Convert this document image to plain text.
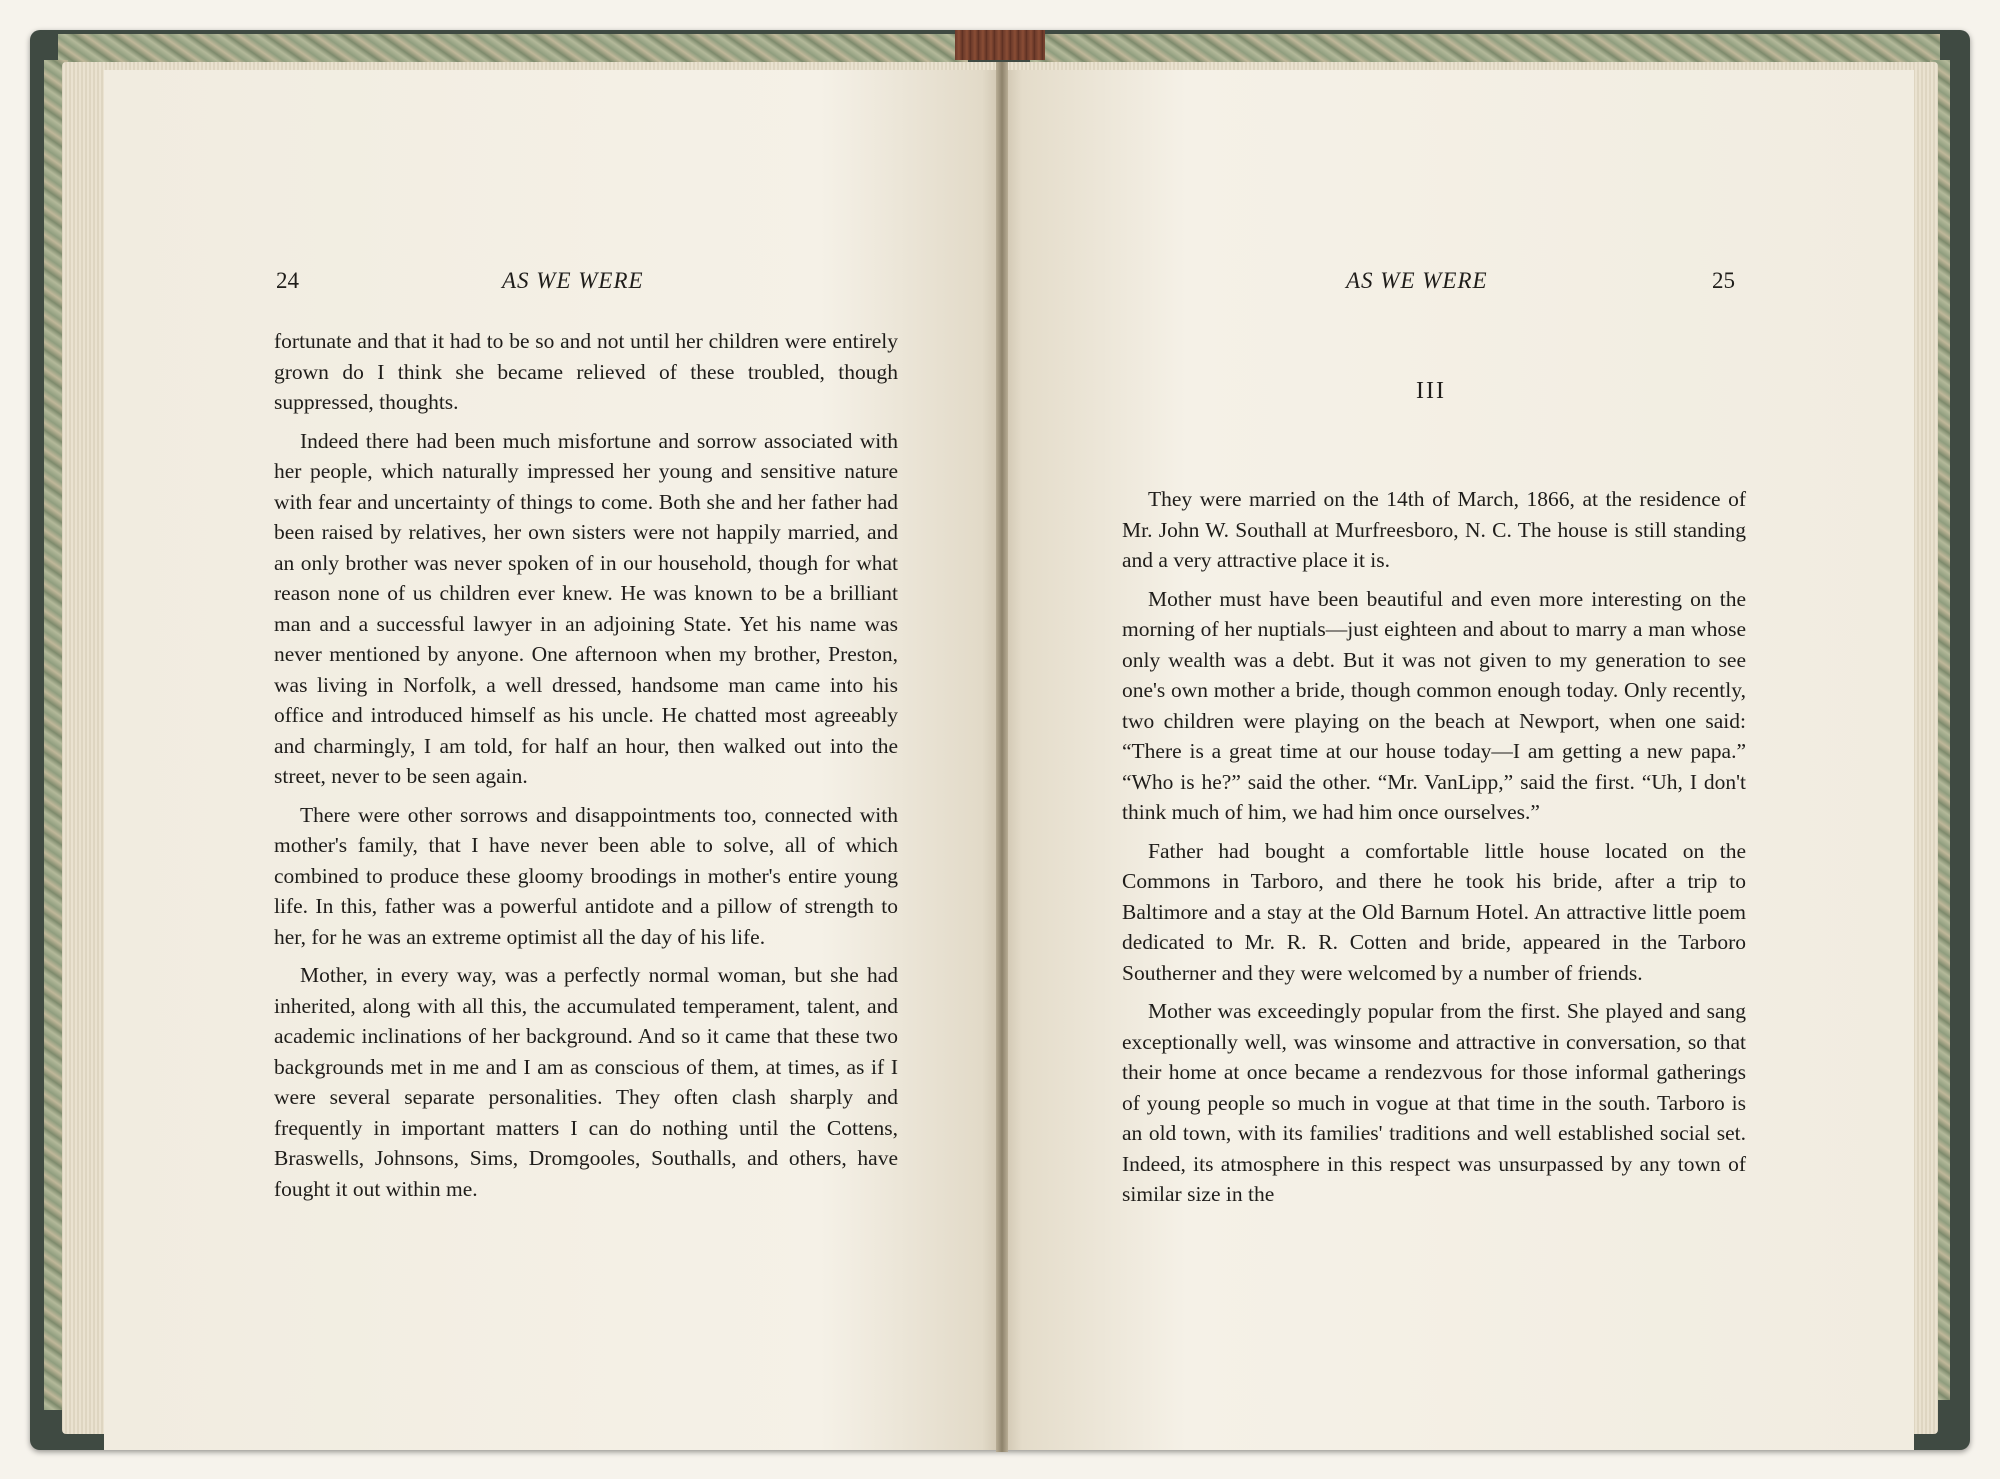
24	AS WE WERE

fortunate and that it had to be so and not until her children were entirely grown do I think she became relieved of these troubled, though suppressed, thoughts.

Indeed there had been much misfortune and sorrow associated with her people, which naturally impressed her young and sensitive nature with fear and uncertainty of things to come. Both she and her father had been raised by relatives, her own sisters were not happily married, and an only brother was never spoken of in our household, though for what reason none of us children ever knew. He was known to be a brilliant man and a successful lawyer in an adjoining State. Yet his name was never mentioned by anyone. One afternoon when my brother, Preston, was living in Norfolk, a well dressed, handsome man came into his office and introduced himself as his uncle. He chatted most agreeably and charmingly, I am told, for half an hour, then walked out into the street, never to be seen again.

There were other sorrows and disappointments too, connected with mother's family, that I have never been able to solve, all of which combined to produce these gloomy broodings in mother's entire young life. In this, father was a powerful antidote and a pillow of strength to her, for he was an extreme optimist all the day of his life.

Mother, in every way, was a perfectly normal woman, but she had inherited, along with all this, the accumulated temperament, talent, and academic inclinations of her background. And so it came that these two backgrounds met in me and I am as conscious of them, at times, as if I were several separate personalities. They often clash sharply and frequently in important matters I can do nothing until the Cottens, Braswells, Johnsons, Sims, Dromgooles, Southalls, and others, have fought it out within me.

AS WE WERE	25
III

They were married on the 14th of March, 1866, at the residence of Mr. John W. Southall at Murfreesboro, N. C. The house is still standing and a very attractive place it is.

Mother must have been beautiful and even more interesting on the morning of her nuptials—just eighteen and about to marry a man whose only wealth was a debt. But it was not given to my generation to see one's own mother a bride, though common enough today. Only recently, two children were playing on the beach at Newport, when one said: “There is a great time at our house today—I am getting a new papa.” “Who is he?” said the other. “Mr. VanLipp,” said the first. “Uh, I don't think much of him, we had him once ourselves.”

Father had bought a comfortable little house located on the Commons in Tarboro, and there he took his bride, after a trip to Baltimore and a stay at the Old Barnum Hotel. An attractive little poem dedicated to Mr. R. R. Cotten and bride, appeared in the Tarboro Southerner and they were welcomed by a number of friends.

Mother was exceedingly popular from the first. She played and sang exceptionally well, was winsome and attractive in conversation, so that their home at once became a rendezvous for those informal gatherings of young people so much in vogue at that time in the south. Tarboro is an old town, with its families' traditions and well established social set. Indeed, its atmosphere in this respect was unsurpassed by any town of similar size in the
